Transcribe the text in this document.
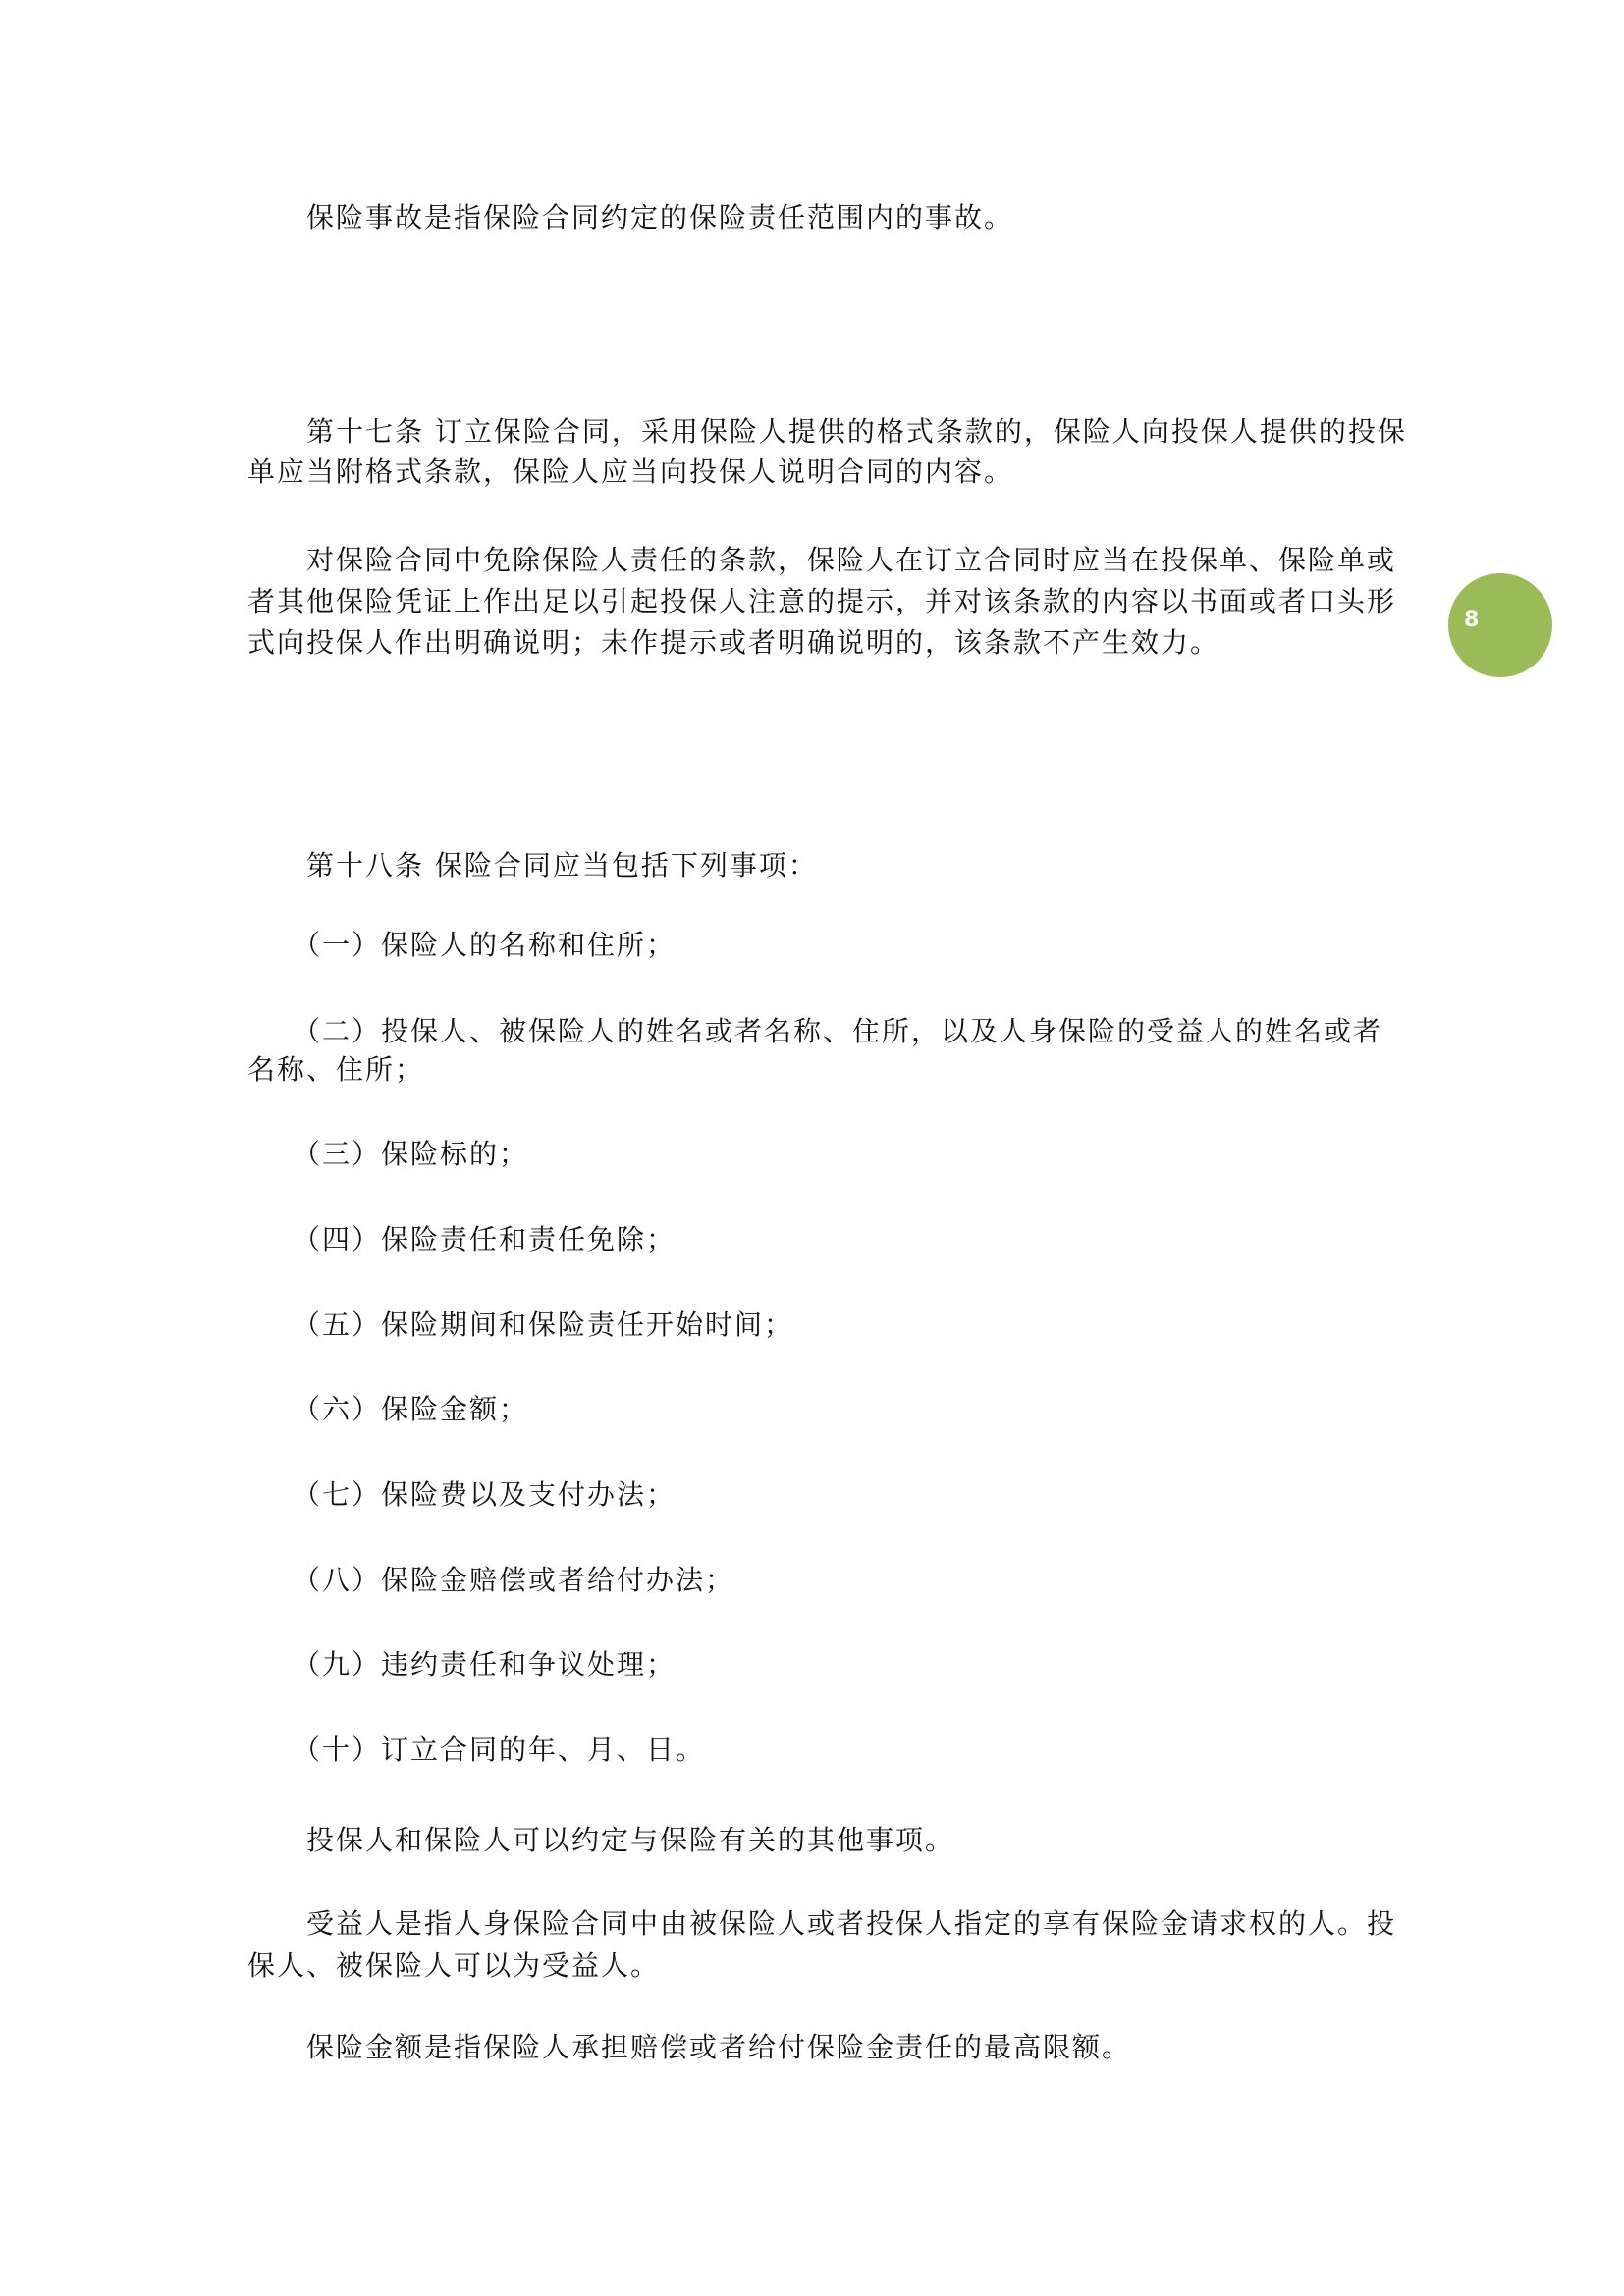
　　保险事故是指保险合同约定的保险责任范围内的事故。
　　第十七条 订立保险合同，采用保险人提供的格式条款的，保险人向投保人提供的投保
单应当附格式条款，保险人应当向投保人说明合同的内容。
　　对保险合同中免除保险人责任的条款，保险人在订立合同时应当在投保单、保险单或
者其他保险凭证上作出足以引起投保人注意的提示，并对该条款的内容以书面或者口头形
式向投保人作出明确说明；未作提示或者明确说明的，该条款不产生效力。
　　第十八条 保险合同应当包括下列事项：
　　（一）保险人的名称和住所；
　　（二）投保人、被保险人的姓名或者名称、住所，以及人身保险的受益人的姓名或者
名称、住所；
　　（三）保险标的；
　　（四）保险责任和责任免除；
　　（五）保险期间和保险责任开始时间；
　　（六）保险金额；
　　（七）保险费以及支付办法；
　　（八）保险金赔偿或者给付办法；
　　（九）违约责任和争议处理；
　　（十）订立合同的年、月、日。
　　投保人和保险人可以约定与保险有关的其他事项。
　　受益人是指人身保险合同中由被保险人或者投保人指定的享有保险金请求权的人。投
保人、被保险人可以为受益人。
　　保险金额是指保险人承担赔偿或者给付保险金责任的最高限额。
8
